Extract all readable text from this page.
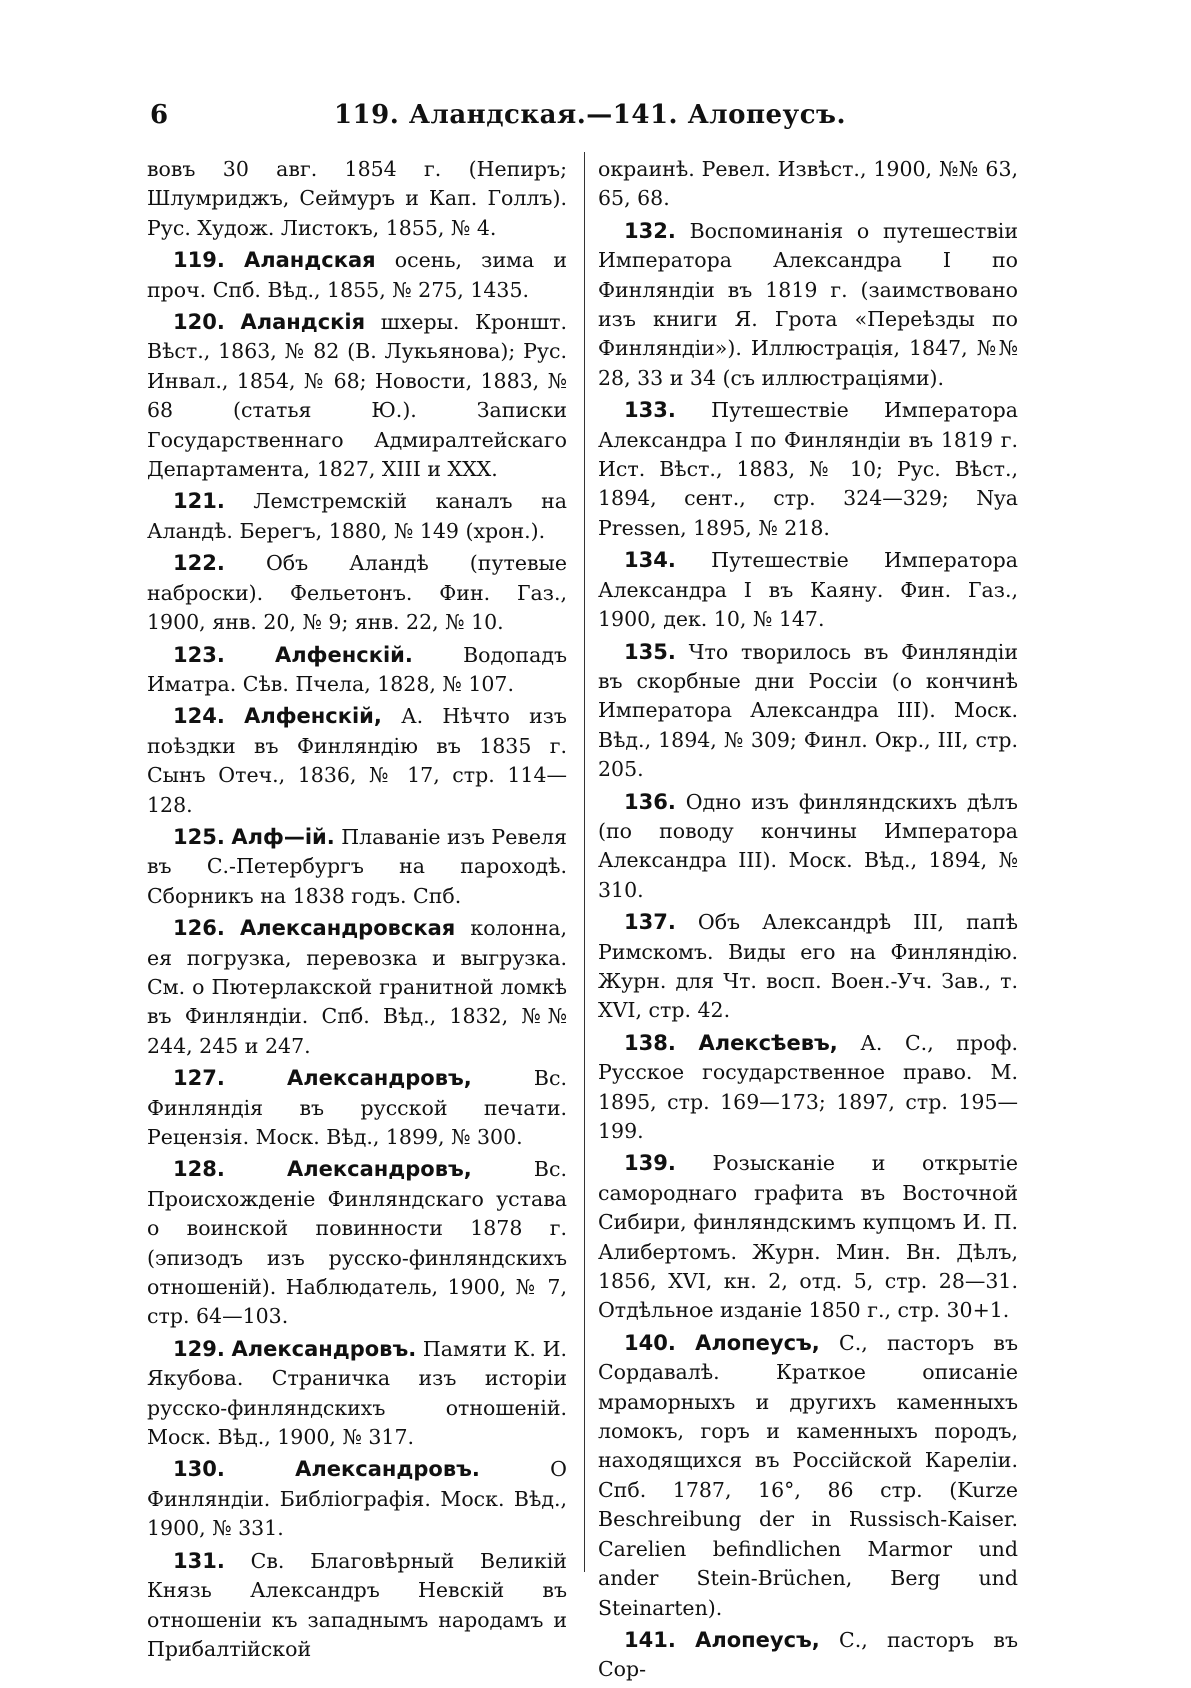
6	119. Аландская.—141. Алопеусъ.

вовъ 30 авг. 1854 г. (Непиръ; Шлумриджъ, Сеймуръ и Кап. Голлъ). Рус. Худож. Листокъ, 1855, № 4.

119. Аландская осень, зима и проч. Спб. Вѣд., 1855, № 275, 1435.

120. Аландскія шхеры. Кроншт. Вѣст., 1863, № 82 (В. Лукьянова); Рус. Инвал., 1854, № 68; Новости, 1883, № 68 (статья Ю.). Записки Государственнаго Адмиралтейскаго Департамента, 1827, XIII и XXX.

121. Лемстремскій каналъ на Аландѣ. Берегъ, 1880, № 149 (хрон.).

122. Объ Аландѣ (путевые наброски). Фельетонъ. Фин. Газ., 1900, янв. 20, № 9; янв. 22, № 10.

123. Алфенскій. Водопадъ Иматра. Сѣв. Пчела, 1828, № 107.

124. Алфенскій, А. Нѣчто изъ поѣздки въ Финляндію въ 1835 г. Сынъ Отеч., 1836, № 17, стр. 114—128.

125. Алф—ій. Плаваніе изъ Ревеля въ С.-Петербургъ на пароходѣ. Сборникъ на 1838 годъ. Спб.

126. Александровская колонна, ея погрузка, перевозка и выгрузка. См. о Пютерлакской гранитной ломкѣ въ Финляндіи. Спб. Вѣд., 1832, №№ 244, 245 и 247.

127.	Александровъ, Вс. Финляндія въ русской печати. Рецензія. Моск. Вѣд., 1899, № 300.

128.	Александровъ, Вс. Происхожденіе Финляндскаго устава о воинской повинности 1878 г. (эпизодъ изъ русско-финляндскихъ отношеній). Наблюдатель, 1900, № 7, стр. 64—103.

129. Александровъ. Памяти К. И. Якубова. Страничка изъ исторіи русско-финляндскихъ отношеній. Моск. Вѣд., 1900, № 317.

130.	Александровъ. О Финляндіи. Библіографія. Моск. Вѣд., 1900, № 331.

131. Св. Благовѣрный Великій Князь Александръ Невскій въ отношеніи къ западнымъ народамъ и Прибалтійской

окраинѣ. Ревел. Извѣст., 1900, №№ 63, 65, 68.

132. Воспоминанія о путешествіи Императора Александра I по Финляндіи въ 1819 г. (заимствовано изъ книги Я. Грота «Переѣзды по Финляндіи»). Иллюстрація, 1847, №№ 28, 33 и 34 (съ иллюстраціями).

133. Путешествіе Императора Александра I по Финляндіи въ 1819 г. Ист. Вѣст., 1883, № 10; Рус. Вѣст., 1894, сент., стр. 324—329; Nya Pressen, 1895, № 218.

134. Путешествіе Императора Александра I въ Каяну. Фин. Газ., 1900, дек. 10, № 147.

135. Что творилось въ Финляндіи въ скорбные дни Россіи (о кончинѣ Императора Александра III). Моск. Вѣд., 1894, № 309; Финл. Окр., III, стр. 205.

136. Одно изъ финляндскихъ дѣлъ (по поводу кончины Императора Александра III). Моск. Вѣд., 1894, № 310.

137. Объ Александрѣ III, папѣ Римскомъ. Виды его на Финляндію. Журн. для Чт. восп. Воен.-Уч. Зав., т. XVI, стр. 42.

138. Алексѣевъ, А. С., проф. Русское государственное право. М. 1895, стр. 169—173; 1897, стр. 195—199.

139. Розысканіе и открытіе самороднаго графита въ Восточной Сибири, финляндскимъ купцомъ И. П. Алибертомъ. Журн. Мин. Вн. Дѣлъ, 1856, XVI, кн. 2, отд. 5, стр. 28—31. Отдѣльное изданіе 1850 г., стр. 30+1.

140. Алопеусъ, С., пасторъ въ Сордавалѣ. Краткое описаніе мраморныхъ и другихъ каменныхъ ломокъ, горъ и каменныхъ породъ, находящихся въ Россійской Кареліи. Спб. 1787, 16°, 86 стр. (Kurze Beschreibung der in Russisch-Kaiser. Carelien befindlichen Marmor und ander Stein-Brüchen, Berg und Steinarten).

141. Алопеусъ, С., пасторъ въ Сор-
